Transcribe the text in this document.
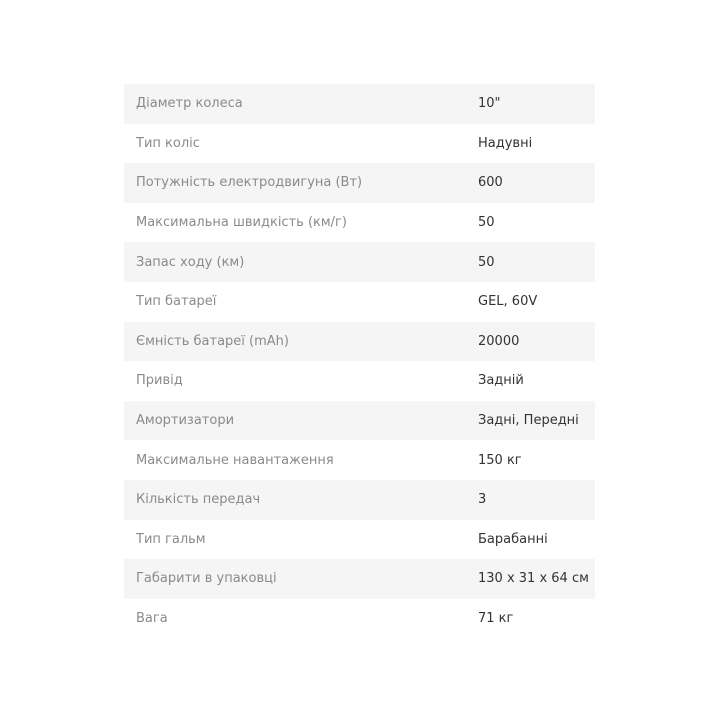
Діаметр колеса	10"
Тип коліс	Надувні
Потужність електродвигуна (Вт)	600
Максимальна швидкість (км/г)	50
Запас ходу (км)	50
Тип батареї	GEL, 60V
Ємність батареї (mAh)	20000
Привід	Задній
Амортизатори	Задні, Передні
Максимальне навантаження	150 кг
Кількість передач	3
Тип гальм	Барабанні
Габарити в упаковці	130 x 31 x 64 см
Вага	71 кг
